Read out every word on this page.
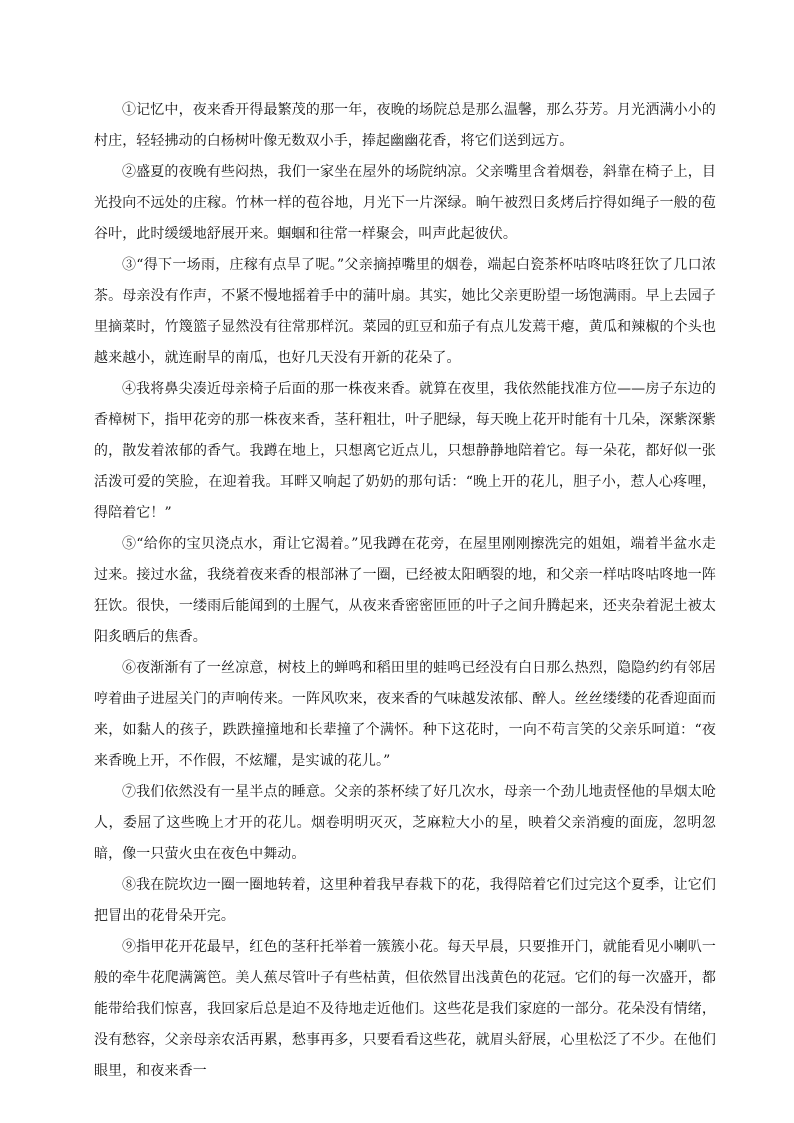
①记忆中，夜来香开得最繁茂的那一年，夜晚的场院总是那么温馨，那么芬芳。月光洒满小小的村庄，轻轻拂动的白杨树叶像无数双小手，捧起幽幽花香，将它们送到远方。

②盛夏的夜晚有些闷热，我们一家坐在屋外的场院纳凉。父亲嘴里含着烟卷，斜靠在椅子上，目光投向不远处的庄稼。竹林一样的苞谷地，月光下一片深绿。晌午被烈日炙烤后拧得如绳子一般的苞谷叶，此时缓缓地舒展开来。蝈蝈和往常一样聚会，叫声此起彼伏。

③“得下一场雨，庄稼有点旱了呢。”父亲摘掉嘴里的烟卷，端起白瓷茶杯咕咚咕咚狂饮了几口浓茶。母亲没有作声，不紧不慢地摇着手中的蒲叶扇。其实，她比父亲更盼望一场饱满雨。早上去园子里摘菜时，竹篾篮子显然没有往常那样沉。菜园的豇豆和茄子有点儿发蔫干瘪，黄瓜和辣椒的个头也越来越小，就连耐旱的南瓜，也好几天没有开新的花朵了。

④我将鼻尖凑近母亲椅子后面的那一株夜来香。就算在夜里，我依然能找准方位——房子东边的香樟树下，指甲花旁的那一株夜来香，茎秆粗壮，叶子肥绿，每天晚上花开时能有十几朵，深紫深紫的，散发着浓郁的香气。我蹲在地上，只想离它近点儿，只想静静地陪着它。每一朵花，都好似一张活泼可爱的笑脸，在迎着我。耳畔又响起了奶奶的那句话：“晚上开的花儿，胆子小，惹人心疼哩，得陪着它！”

⑤“给你的宝贝浇点水，甭让它渴着。”见我蹲在花旁，在屋里刚刚擦洗完的姐姐，端着半盆水走过来。接过水盆，我绕着夜来香的根部淋了一圈，已经被太阳晒裂的地，和父亲一样咕咚咕咚地一阵狂饮。很快，一缕雨后能闻到的土腥气，从夜来香密密匝匝的叶子之间升腾起来，还夹杂着泥土被太阳炙晒后的焦香。

⑥夜渐渐有了一丝凉意，树枝上的蝉鸣和稻田里的蛙鸣已经没有白日那么热烈，隐隐约约有邻居哼着曲子进屋关门的声响传来。一阵风吹来，夜来香的气味越发浓郁、醉人。丝丝缕缕的花香迎面而来，如黏人的孩子，跌跌撞撞地和长辈撞了个满怀。种下这花时，一向不苟言笑的父亲乐呵道：“夜来香晚上开，不作假，不炫耀，是实诚的花儿。”

⑦我们依然没有一星半点的睡意。父亲的茶杯续了好几次水，母亲一个劲儿地责怪他的旱烟太呛人，委屈了这些晚上才开的花儿。烟卷明明灭灭，芝麻粒大小的星，映着父亲消瘦的面庞，忽明忽暗，像一只萤火虫在夜色中舞动。

⑧我在院坎边一圈一圈地转着，这里种着我早春栽下的花，我得陪着它们过完这个夏季，让它们把冒出的花骨朵开完。

⑨指甲花开花最早，红色的茎秆托举着一簇簇小花。每天早晨，只要推开门，就能看见小喇叭一般的牵牛花爬满篱笆。美人蕉尽管叶子有些枯黄，但依然冒出浅黄色的花冠。它们的每一次盛开，都能带给我们惊喜，我回家后总是迫不及待地走近他们。这些花是我们家庭的一部分。花朵没有情绪，没有愁容，父亲母亲农活再累，愁事再多，只要看看这些花，就眉头舒展，心里松泛了不少。在他们眼里，和夜来香一
